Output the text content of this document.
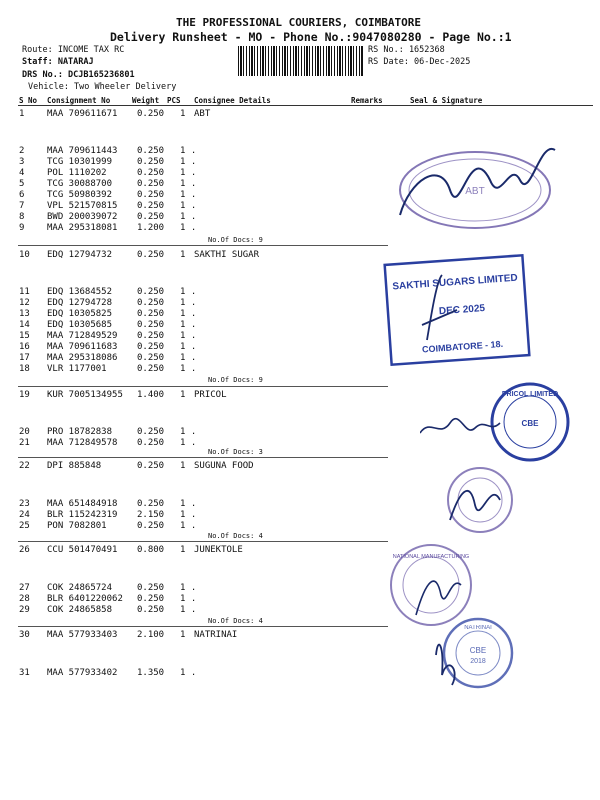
THE PROFESSIONAL COURIERS, COIMBATORE
Delivery Runsheet - MO - Phone No.:9047080280 - Page No.:1
Route: INCOME TAX RC
Staff: NATARAJ
DRS No.: DCJB165236801
Vehicle: Two Wheeler Delivery
RS No.: 1652368
RS Date: 06-Dec-2025
S No Consignment No	Weight PCS Consignee Details	Remarks	Seal & Signature
1	MAA 709611671 0.250 1 ABT
2	MAA 709611443 0.250 1 .
3	TCG 10301999	0.250 1 .
4	POL 1110202	0.250 1 .
5	TCG 30088700	0.250 1 .
6	TCG 50980392	0.250 1 .
7	VPL 521570815 0.250 1 .
8	BWD 200039072 0.250 1 .
9	MAA 295318081 1.200 1 .
10 EDQ 12794732	0.250 1 SAKTHI SUGAR
11 EDQ 13684552	0.250 1 .
12 EDQ 12794728	0.250 1 .
13 EDQ 10305825	0.250 1 .
14 EDQ 10305685	0.250 1 .
15 MAA 712849529 0.250 1 .
16 MAA 709611683 0.250 1 .
17 MAA 295318086 0.250 1 .
18 VLR 1177001	0.250 1 .
19 KUR 7005134955 1.400 1 PRICOL
20 PRO 18782838	0.250 1 .
21 MAA 712849578 0.250 1 .
22 DPI 885848	0.250 1 SUGUNA FOOD
23 MAA 651484918 0.250 1 .
24 BLR 115242319 2.150 1 .
25 PON 7082801	0.250 1 .
26 CCU 501470491 0.800 1 JUNEKTOLE
27 COK 24865724	0.250 1 .
28 BLR 6401220062 0.250 1 .
29 COK 24865858	0.250 1 .
30 MAA 577933403 2.100 1 NATRINAI
31 MAA 577933402 1.350 1 .
No.Of Docs: 9
No.Of Docs: 9
No.Of Docs: 3
No.Of Docs: 4
No.Of Docs: 4
ABT
SAKTHI SUGARS LIMITED
DEC 2025
COIMBATORE - 18.
PRICOL LIMITED
CBE
NATIONAL MANUFACTURING
NATRINAI
CBE
2018
